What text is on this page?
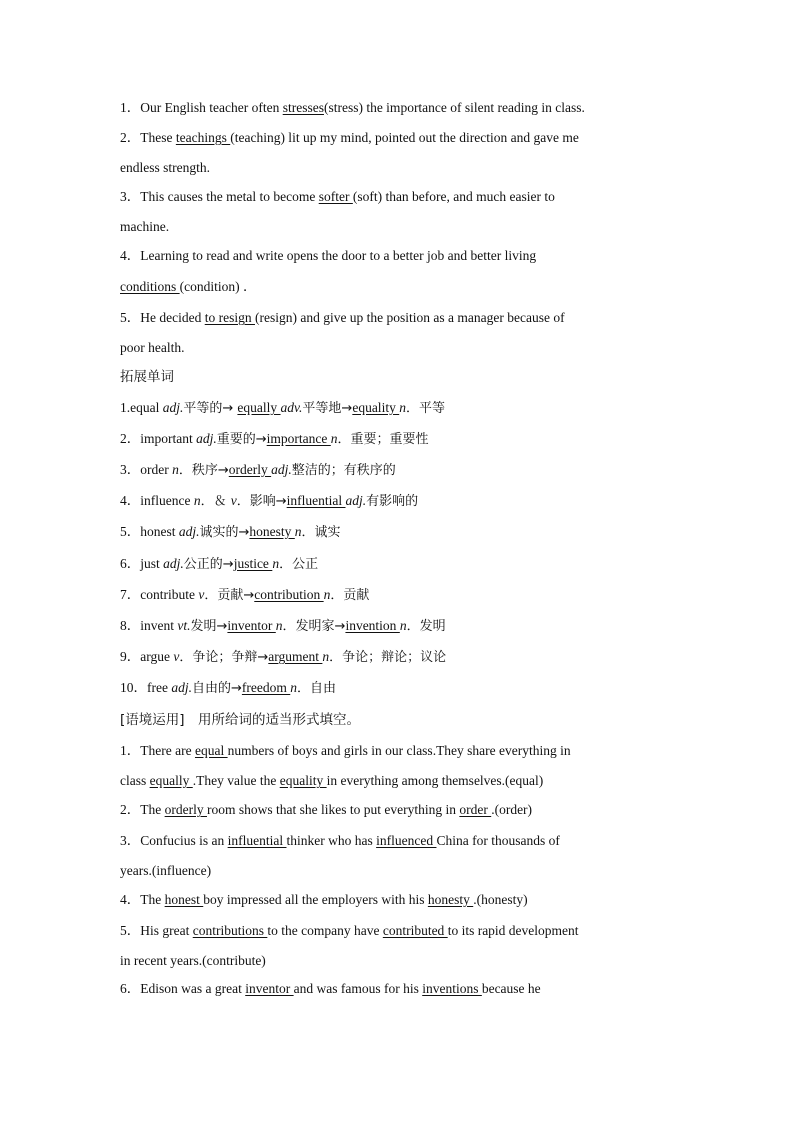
1．Our English teacher often stresses(stress) the importance of silent reading in class.
2．These teachings (teaching) lit up my mind, pointed out the direction and gave me
endless strength.
3．This causes the metal to become softer (soft) than before, and much easier to
machine.
4．Learning to read and write opens the door to a better job and better living
conditions (condition) ．
5．He decided to resign (resign) and give up the position as a manager because of
poor health.
拓展单词
1.equal adj.平等的→ equally adv.平等地→equality n．平等
2．important adj.重要的→importance n．重要；重要性
3．order n．秩序→orderly adj.整洁的；有秩序的
4．influence n．＆ v．影响→influential adj.有影响的
5．honest adj.诚实的→honesty n．诚实
6．just adj.公正的→justice n．公正
7．contribute v．贡献→contribution n．贡献
8．invent vt.发明→inventor n．发明家→invention n．发明
9．argue v．争论；争辩→argument n．争论；辩论；议论
10．free adj.自由的→freedom n．自由
[语境运用]　用所给词的适当形式填空。
1．There are equal numbers of boys and girls in our class.They share everything in
class equally .They value the equality in everything among themselves.(equal)
2．The orderly room shows that she likes to put everything in order .(order)
3．Confucius is an influential thinker who has influenced China for thousands of
years.(influence)
4．The honest boy impressed all the employers with his honesty .(honesty)
5．His great contributions to the company have contributed to its rapid development
in recent years.(contribute)
6．Edison was a great inventor and was famous for his inventions because he
